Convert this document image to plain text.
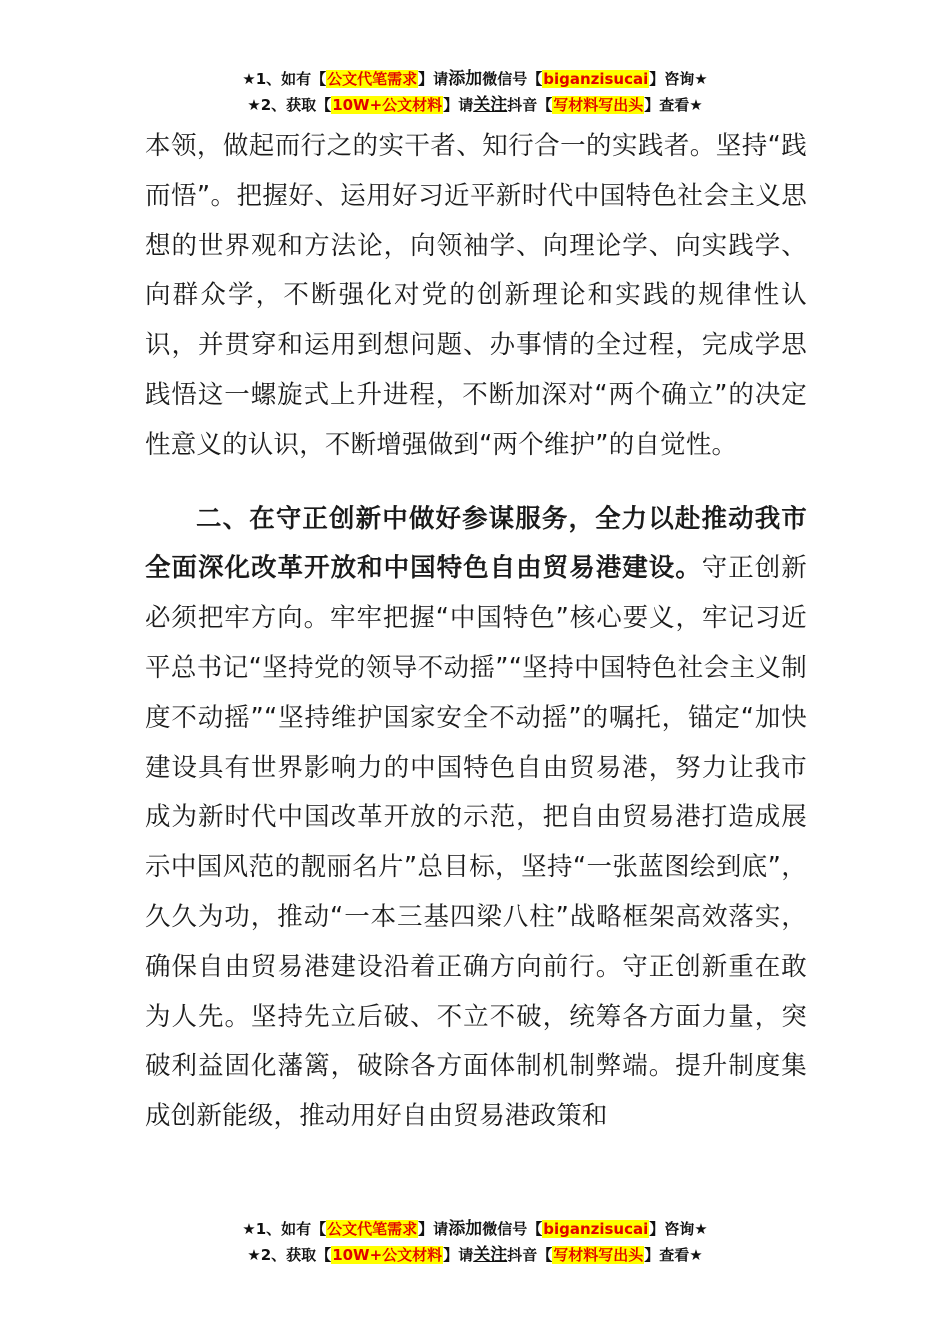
★1、如有【公文代笔需求】请添加微信号【biganzisucai】咨询★
★2、获取【10W+公文材料】请关注抖音【写材料写出头】查看★

本领，做起而行之的实干者、知行合一的实践者。坚持“践而悟”。把握好、运用好习近平新时代中国特色社会主义思想的世界观和方法论，向领袖学、向理论学、向实践学、向群众学，不断强化对党的创新理论和实践的规律性认识，并贯穿和运用到想问题、办事情的全过程，完成学思践悟这一螺旋式上升进程，不断加深对“两个确立”的决定性意义的认识，不断增强做到“两个维护”的自觉性。

二、在守正创新中做好参谋服务，全力以赴推动我市全面深化改革开放和中国特色自由贸易港建设。守正创新必须把牢方向。牢牢把握“中国特色”核心要义，牢记习近平总书记“坚持党的领导不动摇”“坚持中国特色社会主义制度不动摇”“坚持维护国家安全不动摇”的嘱托，锚定“加快建设具有世界影响力的中国特色自由贸易港，努力让我市成为新时代中国改革开放的示范，把自由贸易港打造成展示中国风范的靓丽名片”总目标，坚持“一张蓝图绘到底”，久久为功，推动“一本三基四梁八柱”战略框架高效落实，确保自由贸易港建设沿着正确方向前行。守正创新重在敢为人先。坚持先立后破、不立不破，统筹各方面力量，突破利益固化藩篱，破除各方面体制机制弊端。提升制度集成创新能级，推动用好自由贸易港政策和

★1、如有【公文代笔需求】请添加微信号【biganzisucai】咨询★
★2、获取【10W+公文材料】请关注抖音【写材料写出头】查看★
